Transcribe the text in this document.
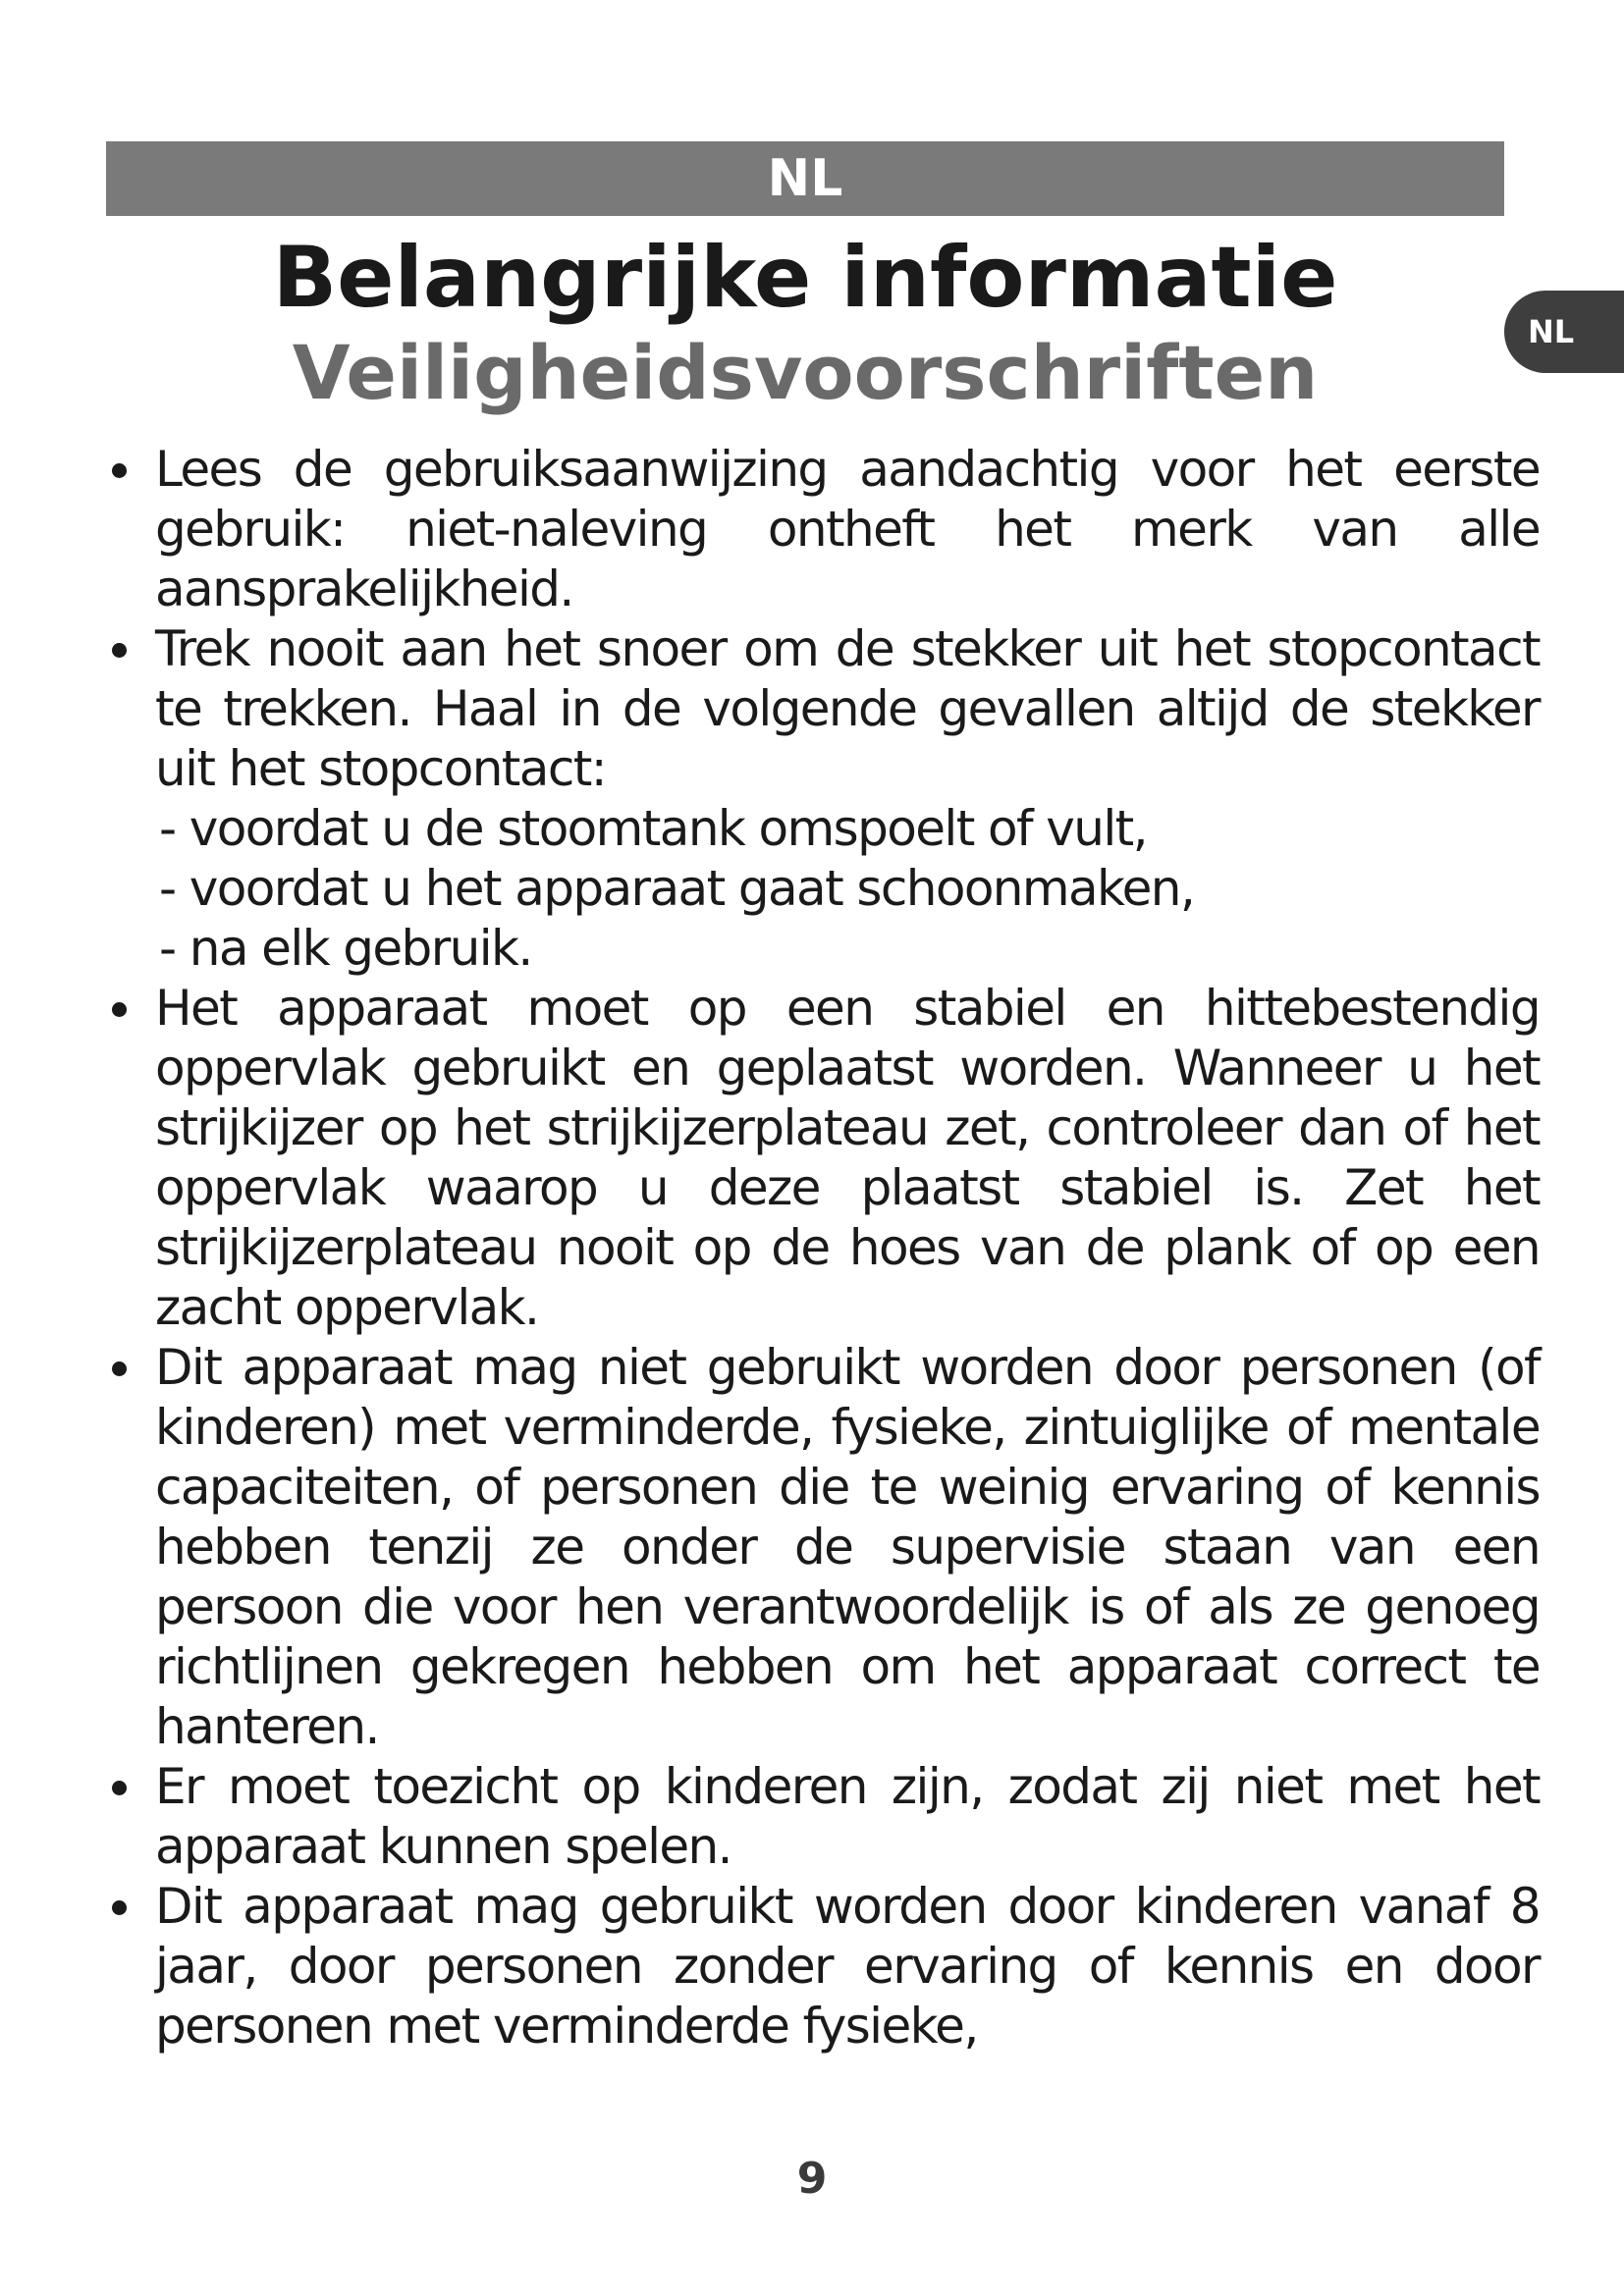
NL
Belangrijke informatie
Veiligheidsvoorschriften	NL
Lees de gebruiksaanwijzing aandachtig voor het eerste gebruik: niet-naleving ontheft het merk van alle aansprakelijkheid.
Trek nooit aan het snoer om de stekker uit het stopcontact te trekken. Haal in de volgende gevallen altijd de stekker uit het stopcontact:
- voordat u de stoomtank omspoelt of vult,
- voordat u het apparaat gaat schoonmaken,
- na elk gebruik.
Het apparaat moet op een stabiel en hittebestendig oppervlak gebruikt en geplaatst worden. Wanneer u het strijkijzer op het strijkijzerplateau zet, controleer dan of het oppervlak waarop u deze plaatst stabiel is. Zet het strijkijzerplateau nooit op de hoes van de plank of op een zacht oppervlak.
Dit apparaat mag niet gebruikt worden door personen (of kinderen) met verminderde, fysieke, zintuiglijke of mentale capaciteiten, of personen die te weinig ervaring of kennis hebben tenzij ze onder de supervisie staan van een persoon die voor hen verantwoordelijk is of als ze genoeg richtlijnen gekregen hebben om het apparaat correct te hanteren.
Er moet toezicht op kinderen zijn, zodat zij niet met het apparaat kunnen spelen.
Dit apparaat mag gebruikt worden door kinderen vanaf 8 jaar, door personen zonder ervaring of kennis en door personen met verminderde fysieke,
9
